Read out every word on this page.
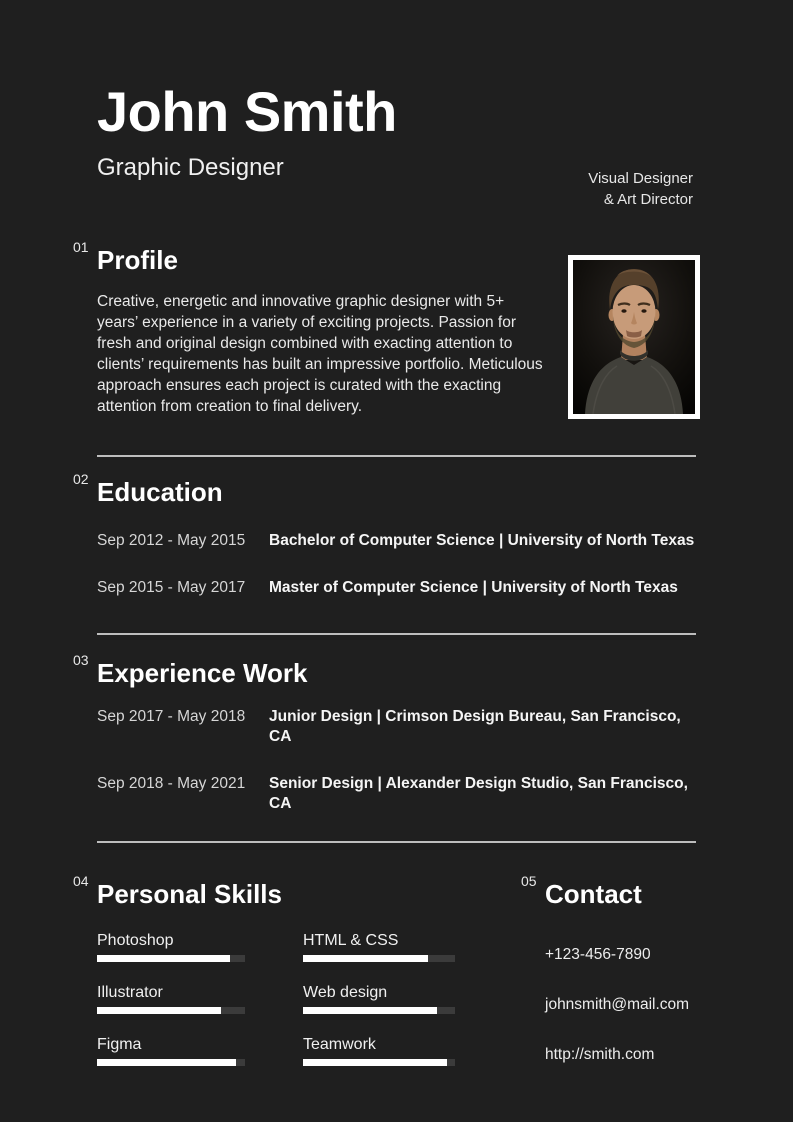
John Smith
Graphic Designer	Visual Designer
& Art Director
01 Profile

Creative, energetic and innovative graphic designer with 5+ years’ experience in a variety of exciting projects. Passion for fresh and original design combined with exacting attention to clients’ requirements has built an impressive portfolio. Meticulous approach ensures each project is curated with the exacting attention from creation to final delivery.

02 Education
Sep 2012 - May 2015 Bachelor of Computer Science | University of North Texas
Sep 2015 - May 2017 Master of Computer Science | University of North Texas
03 Experience Work
Sep 2017 - May 2018 Junior Design | Crimson Design Bureau, San Francisco, CA
Sep 2018 - May 2021 Senior Design | Alexander Design Studio, San Francisco, CA
04 Personal Skills
Photoshop	HTML & CSS
Illustrator	Web design
Figma	Teamwork
05 Contact
+123-456-7890
johnsmith@mail.com
http://smith.com
